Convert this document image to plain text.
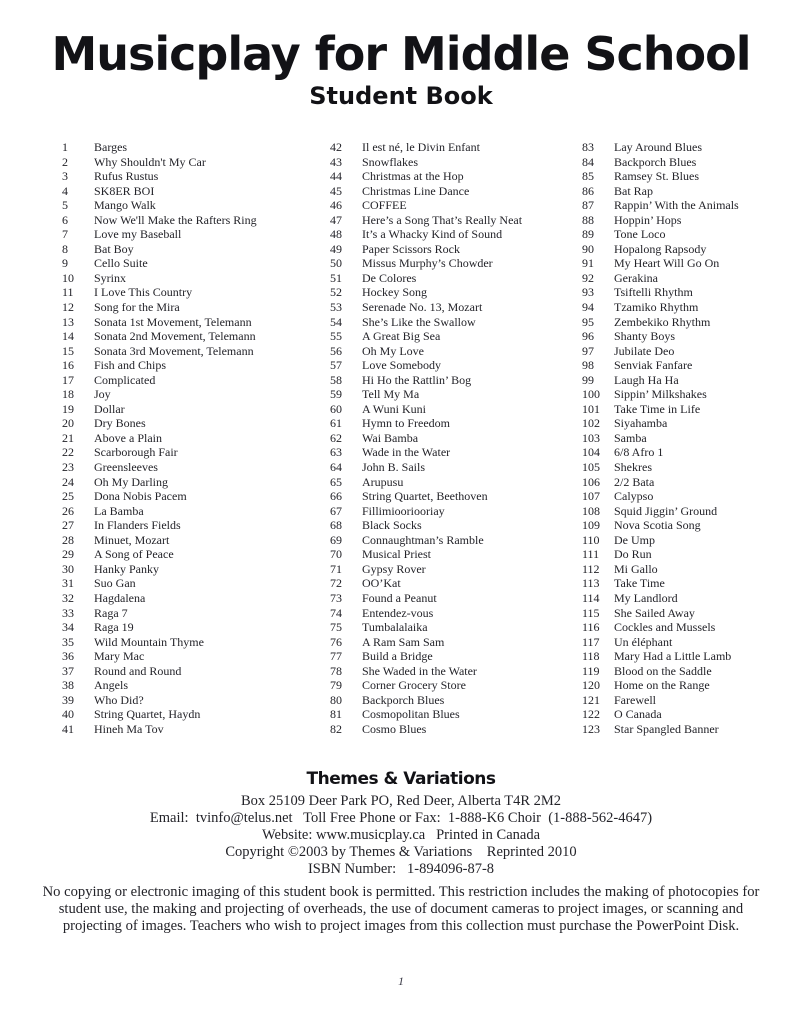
Musicplay for Middle School
Student Book
1	Barges
2	Why Shouldn't My Car
3	Rufus Rustus
4	SK8ER BOI
5	Mango Walk
6	Now We'll Make the Rafters Ring
7	Love my Baseball
8	Bat Boy
9	Cello Suite
10	Syrinx
11	I Love This Country
12	Song for the Mira
13	Sonata 1st Movement, Telemann
14	Sonata 2nd Movement, Telemann
15	Sonata 3rd Movement, Telemann
16	Fish and Chips
17	Complicated
18	Joy
19	Dollar
20	Dry Bones
21	Above a Plain
22	Scarborough Fair
23	Greensleeves
24	Oh My Darling
25	Dona Nobis Pacem
26	La Bamba
27	In Flanders Fields
28	Minuet, Mozart
29	A Song of Peace
30	Hanky Panky
31	Suo Gan
32	Hagdalena
33	Raga 7
34	Raga 19
35	Wild Mountain Thyme
36	Mary Mac
37	Round and Round
38	Angels
39	Who Did?
40	String Quartet, Haydn
41	Hineh Ma Tov
42	Il est né, le Divin Enfant
43	Snowflakes
44	Christmas at the Hop
45	Christmas Line Dance
46	COFFEE
47	Here’s a Song That’s Really Neat
48	It’s a Whacky Kind of Sound
49	Paper Scissors Rock
50	Missus Murphy’s Chowder
51	De Colores
52	Hockey Song
53	Serenade No. 13, Mozart
54	She’s Like the Swallow
55	A Great Big Sea
56	Oh My Love
57	Love Somebody
58	Hi Ho the Rattlin’ Bog
59	Tell My Ma
60	A Wuni Kuni
61	Hymn to Freedom
62	Wai Bamba
63	Wade in the Water
64	John B. Sails
65	Arupusu
66	String Quartet, Beethoven
67	Fillimiooriooriay
68	Black Socks
69	Connaughtman’s Ramble
70	Musical Priest
71	Gypsy Rover
72	OO’Kat
73	Found a Peanut
74	Entendez-vous
75	Tumbalalaika
76	A Ram Sam Sam
77	Build a Bridge
78	She Waded in the Water
79	Corner Grocery Store
80	Backporch Blues
81	Cosmopolitan Blues
82	Cosmo Blues
83	Lay Around Blues
84	Backporch Blues
85	Ramsey St. Blues
86	Bat Rap
87	Rappin’ With the Animals
88	Hoppin’ Hops
89	Tone Loco
90	Hopalong Rapsody
91	My Heart Will Go On
92	Gerakina
93	Tsiftelli Rhythm
94	Tzamiko Rhythm
95	Zembekiko Rhythm
96	Shanty Boys
97	Jubilate Deo
98	Senviak Fanfare
99	Laugh Ha Ha
100	Sippin’ Milkshakes
101	Take Time in Life
102	Siyahamba
103	Samba
104	6/8 Afro 1
105	Shekres
106	2/2 Bata
107	Calypso
108	Squid Jiggin’ Ground
109	Nova Scotia Song
110	De Ump
111	Do Run
112	Mi Gallo
113	Take Time
114	My Landlord
115	She Sailed Away
116	Cockles and Mussels
117	Un éléphant
118	Mary Had a Little Lamb
119	Blood on the Saddle
120	Home on the Range
121	Farewell
122	O Canada
123	Star Spangled Banner
Themes & Variations
Box 25109 Deer Park PO, Red Deer, Alberta T4R 2M2
Email:  tvinfo@telus.net   Toll Free Phone or Fax:  1-888-K6 Choir  (1-888-562-4647)
Website: www.musicplay.ca   Printed in Canada
Copyright ©2003 by Themes & Variations    Reprinted 2010
ISBN Number:   1-894096-87-8
No copying or electronic imaging of this student book is permitted. This restriction includes the making of photocopies for student use, the making and projecting of overheads, the use of document cameras to project images, or scanning and projecting of images. Teachers who wish to project images from this collection must purchase the PowerPoint Disk.
1
